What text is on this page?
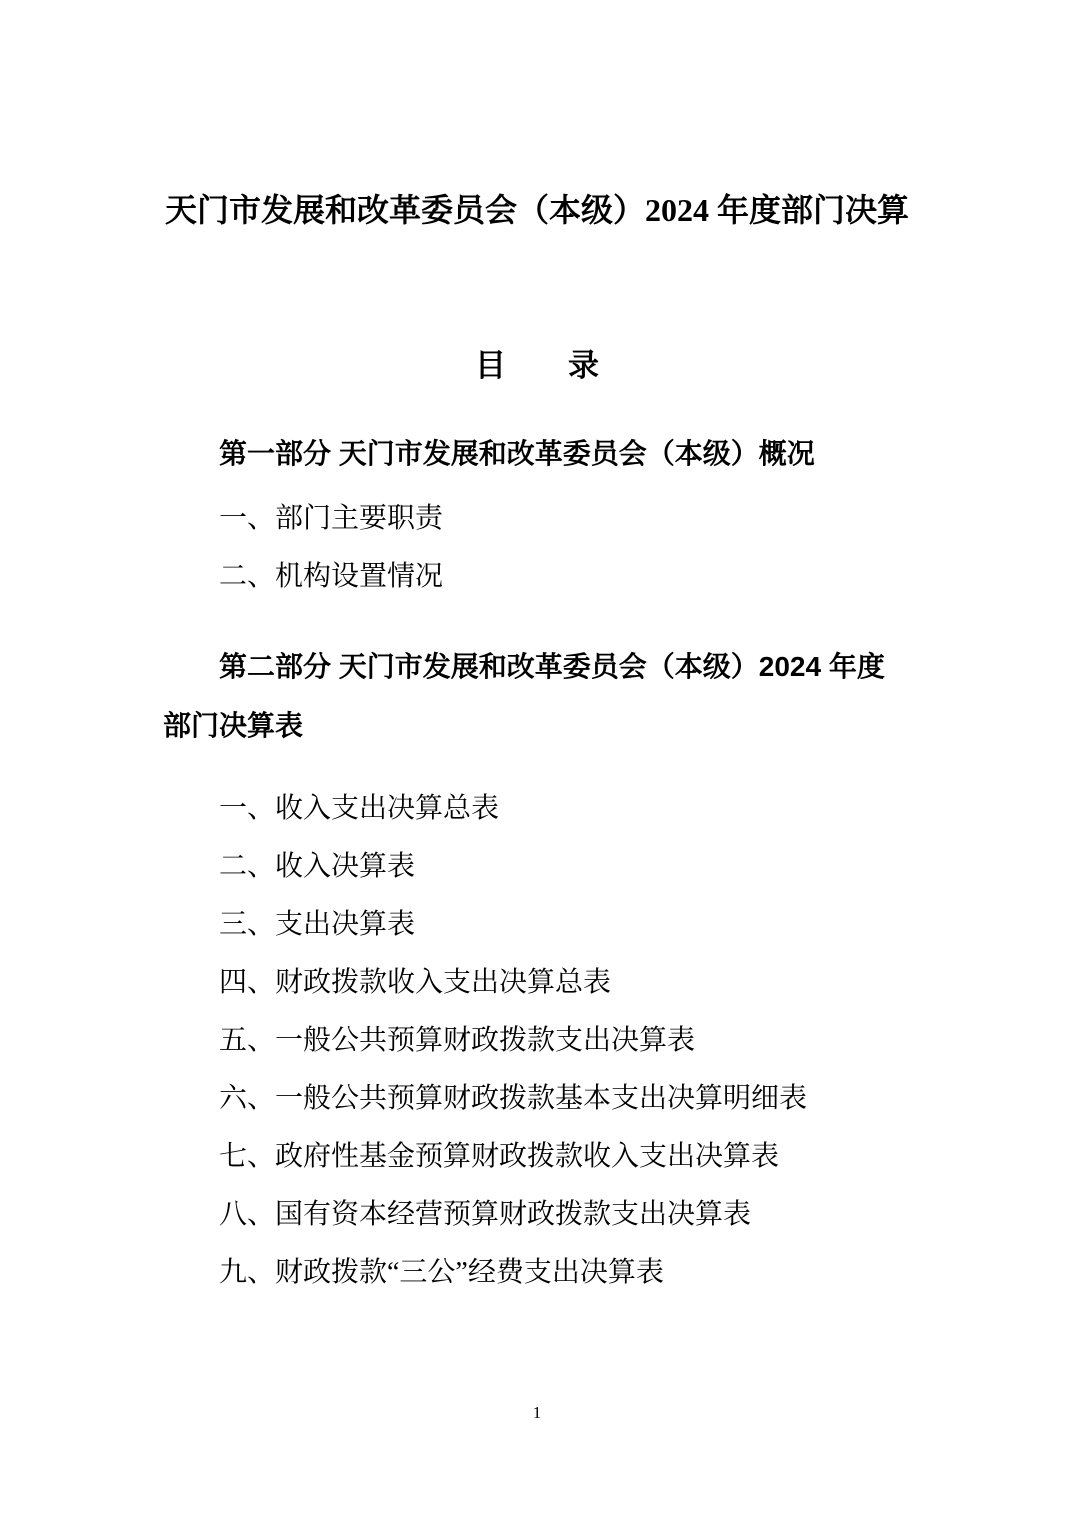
天门市发展和改革委员会（本级）2024 年度部门决算
目　　录

第一部分 天门市发展和改革委员会（本级）概况

一、部门主要职责

二、机构设置情况

第二部分 天门市发展和改革委员会（本级）2024 年度部门决算表

一、收入支出决算总表

二、收入决算表

三、支出决算表

四、财政拨款收入支出决算总表

五、一般公共预算财政拨款支出决算表

六、一般公共预算财政拨款基本支出决算明细表

七、政府性基金预算财政拨款收入支出决算表

八、国有资本经营预算财政拨款支出决算表

九、财政拨款“三公”经费支出决算表

1
